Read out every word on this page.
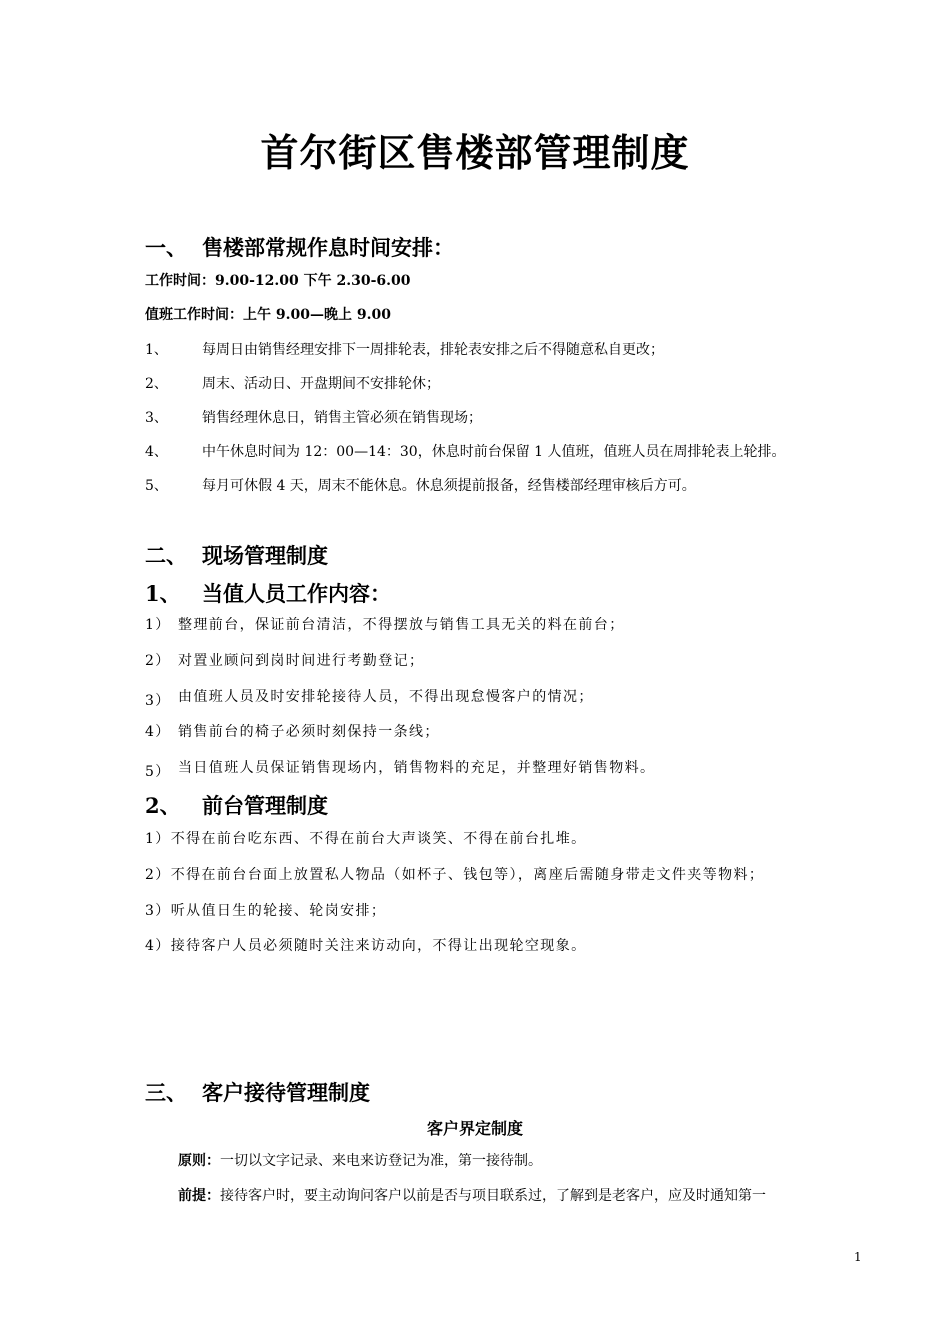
首尔街区售楼部管理制度
一、 售楼部常规作息时间安排：
工作时间：9.00-12.00 下午 2.30-6.00
值班工作时间：上午 9.00—晚上 9.00
1、 每周日由销售经理安排下一周排轮表，排轮表安排之后不得随意私自更改；
2、 周末、活动日、开盘期间不安排轮休；
3、 销售经理休息日，销售主管必须在销售现场；
4、 中午休息时间为 12：00—14：30，休息时前台保留 1 人值班，值班人员在周排轮表上轮排。
5、 每月可休假 4 天，周末不能休息。休息须提前报备，经售楼部经理审核后方可。
二、 现场管理制度
1、 当值人员工作内容：
1） 整理前台，保证前台清洁，不得摆放与销售工具无关的料在前台；
2） 对置业顾问到岗时间进行考勤登记；
3） 由值班人员及时安排轮接待人员，不得出现怠慢客户的情况；
4） 销售前台的椅子必须时刻保持一条线；
5） 当日值班人员保证销售现场内，销售物料的充足，并整理好销售物料。
2、 前台管理制度
1）不得在前台吃东西、不得在前台大声谈笑、不得在前台扎堆。
2）不得在前台台面上放置私人物品（如杯子、钱包等），离座后需随身带走文件夹等物料；
3）听从值日生的轮接、轮岗安排；
4）接待客户人员必须随时关注来访动向，不得让出现轮空现象。
三、 客户接待管理制度
客户界定制度
原则：一切以文字记录、来电来访登记为准，第一接待制。
前提：接待客户时，要主动询问客户以前是否与项目联系过，了解到是老客户，应及时通知第一
1
